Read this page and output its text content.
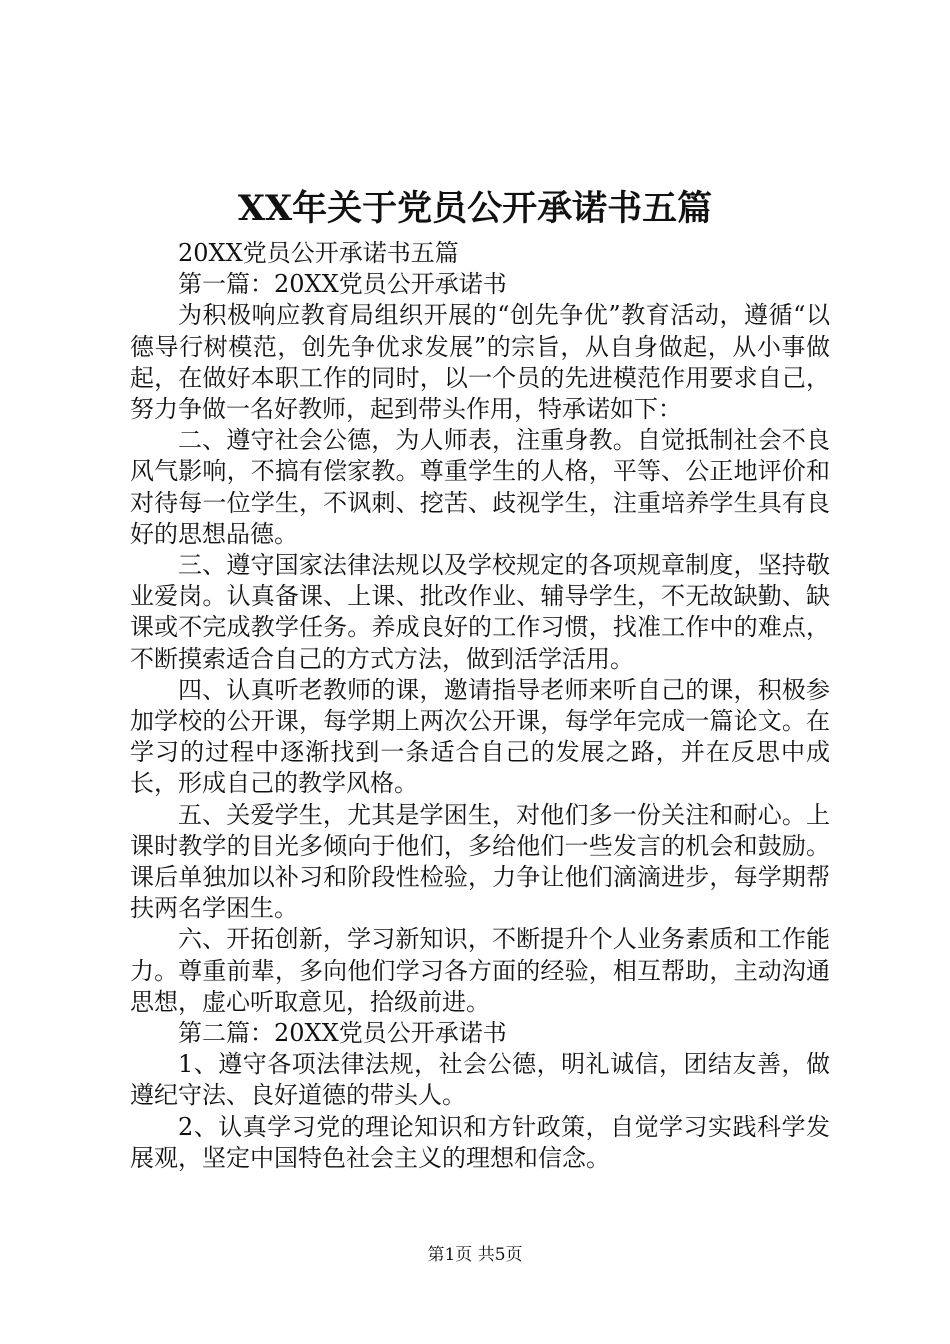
XX年关于党员公开承诺书五篇

20XX党员公开承诺书五篇

第一篇：20XX党员公开承诺书

为积极响应教育局组织开展的“创先争优”教育活动，遵循“以德导行树模范，创先争优求发展”的宗旨，从自身做起，从小事做起，在做好本职工作的同时，以一个员的先进模范作用要求自己，努力争做一名好教师，起到带头作用，特承诺如下：

二、遵守社会公德，为人师表，注重身教。自觉抵制社会不良风气影响，不搞有偿家教。尊重学生的人格，平等、公正地评价和对待每一位学生，不讽刺、挖苦、歧视学生，注重培养学生具有良好的思想品德。

三、遵守国家法律法规以及学校规定的各项规章制度，坚持敬业爱岗。认真备课、上课、批改作业、辅导学生，不无故缺勤、缺课或不完成教学任务。养成良好的工作习惯，找准工作中的难点，不断摸索适合自己的方式方法，做到活学活用。

四、认真听老教师的课，邀请指导老师来听自己的课，积极参加学校的公开课，每学期上两次公开课，每学年完成一篇论文。在学习的过程中逐渐找到一条适合自己的发展之路，并在反思中成长，形成自己的教学风格。

五、关爱学生，尤其是学困生，对他们多一份关注和耐心。上课时教学的目光多倾向于他们，多给他们一些发言的机会和鼓励。课后单独加以补习和阶段性检验，力争让他们滴滴进步，每学期帮扶两名学困生。

六、开拓创新，学习新知识，不断提升个人业务素质和工作能力。尊重前辈，多向他们学习各方面的经验，相互帮助，主动沟通思想，虚心听取意见，拾级前进。

第二篇：20XX党员公开承诺书

1、遵守各项法律法规，社会公德，明礼诚信，团结友善，做遵纪守法、良好道德的带头人。

2、认真学习党的理论知识和方针政策，自觉学习实践科学发展观，坚定中国特色社会主义的理想和信念。

第1页 共5页
